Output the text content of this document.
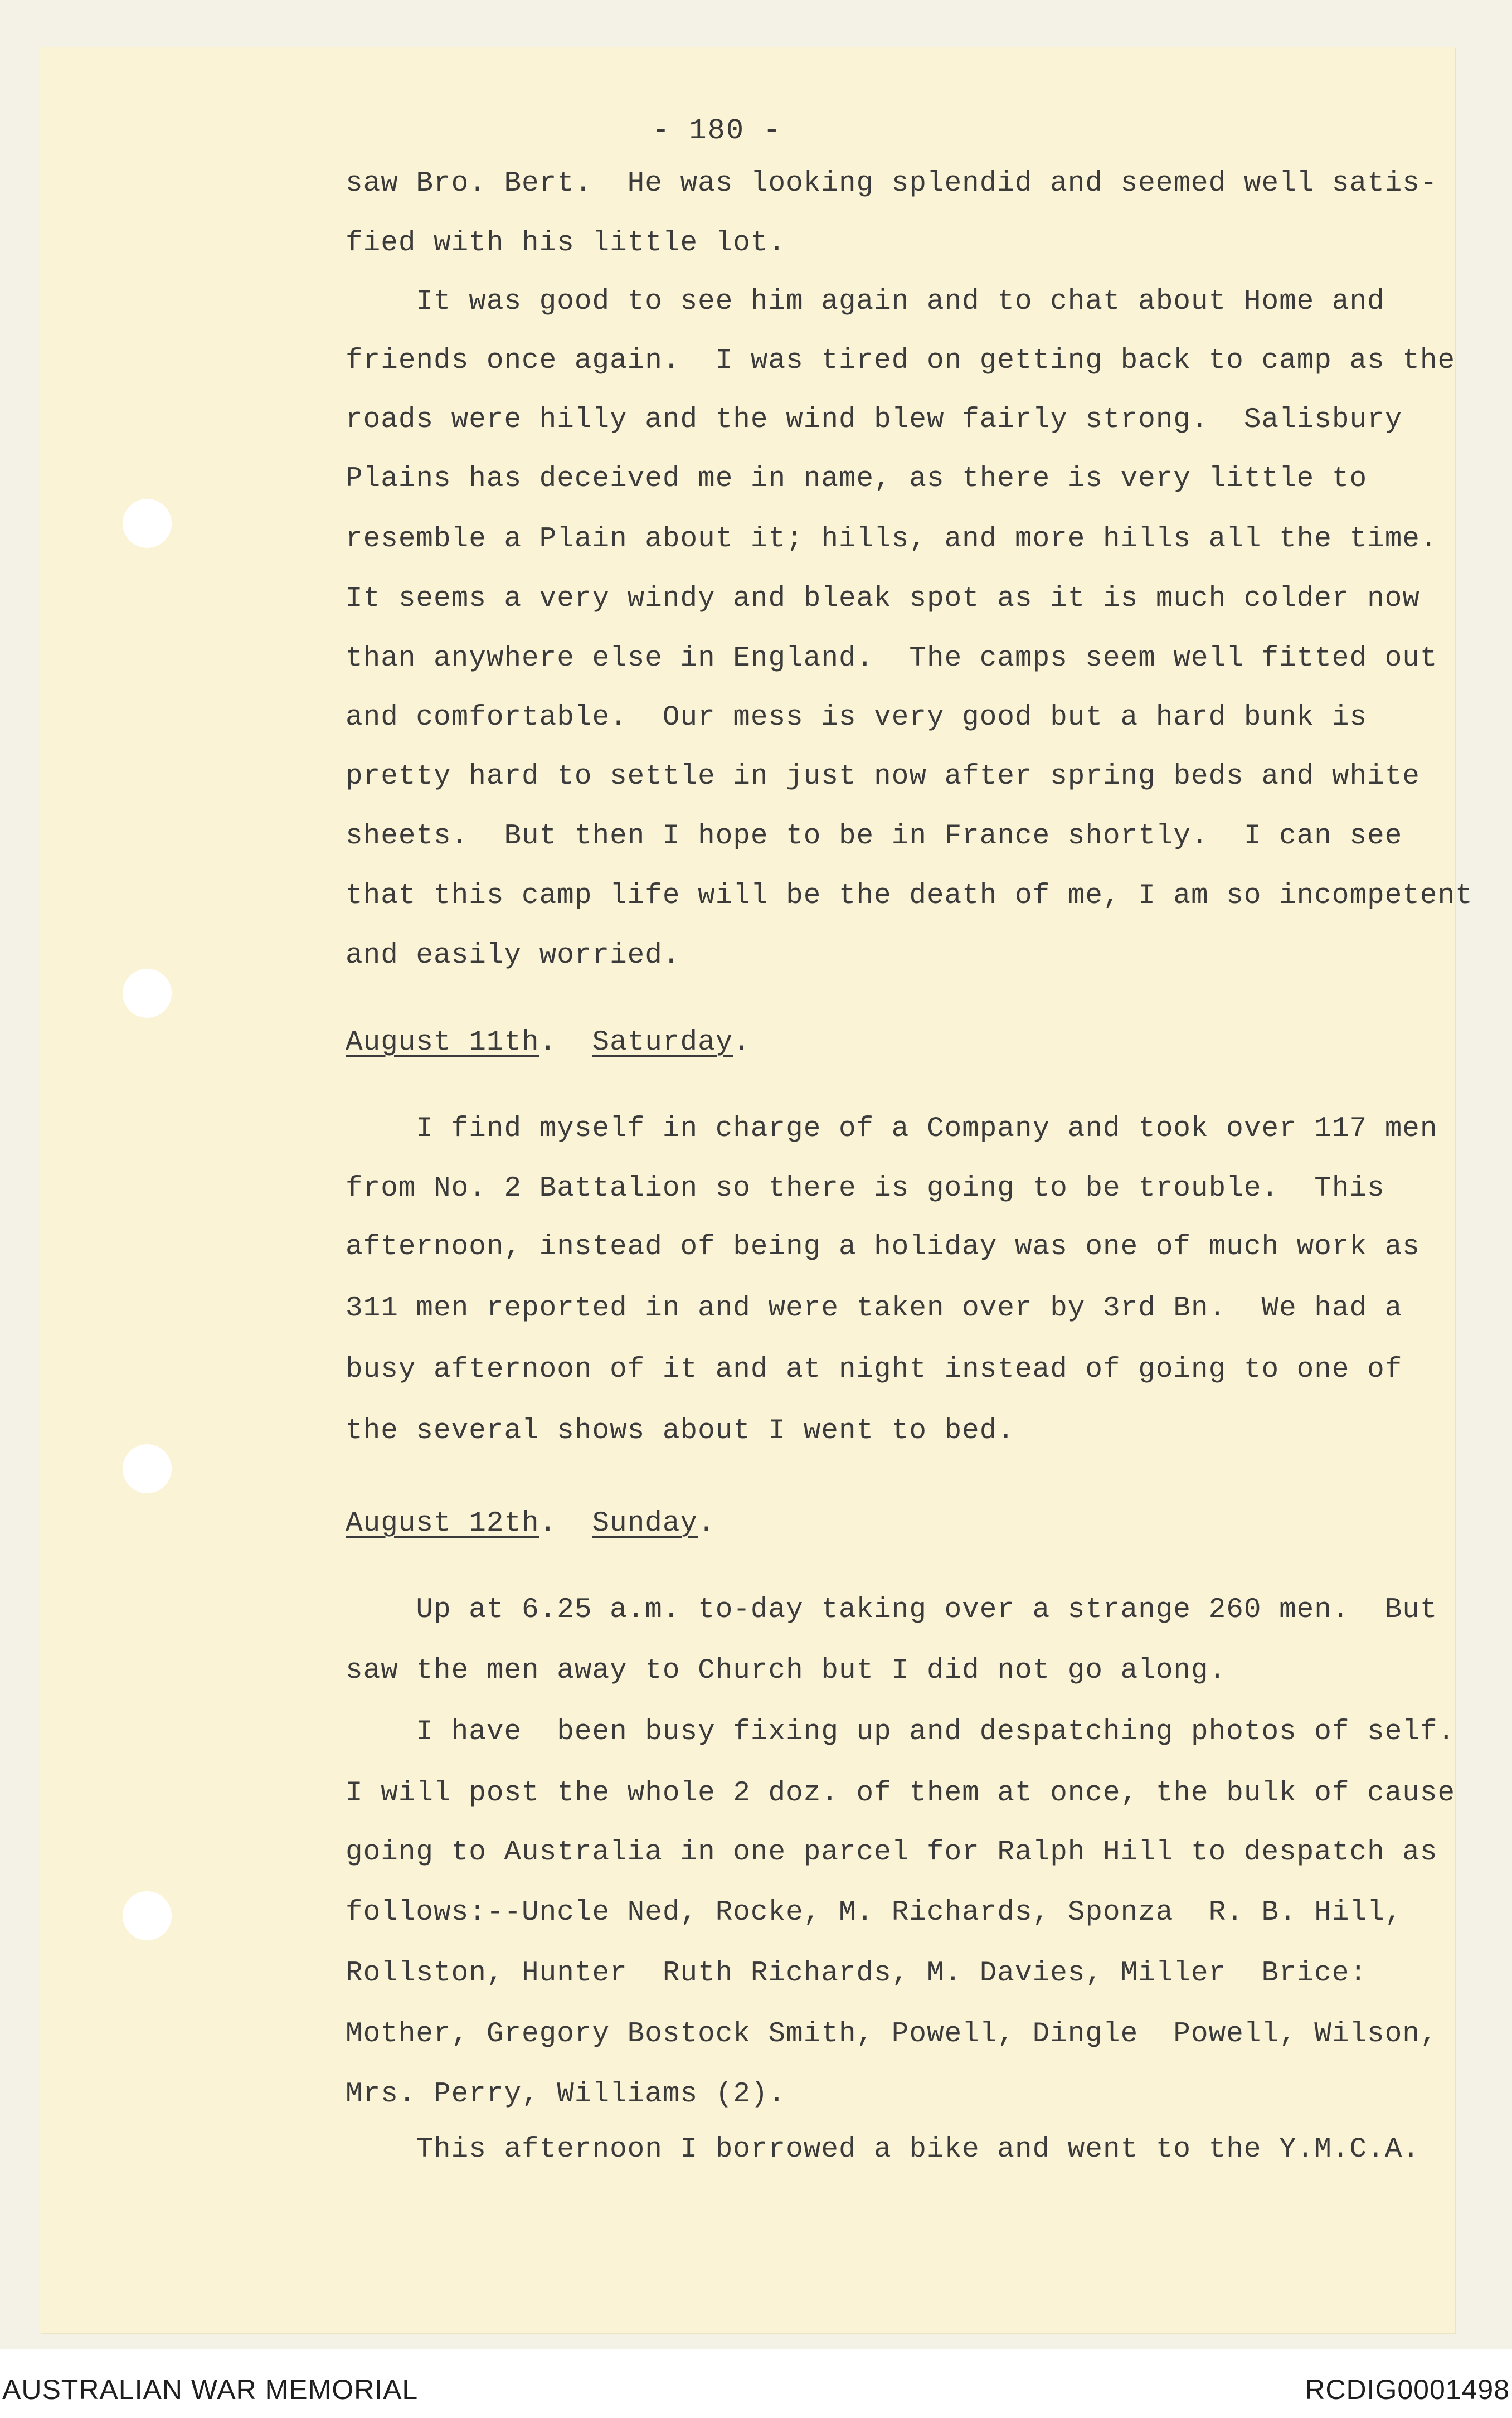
- 180 -
saw Bro. Bert.  He was looking splendid and seemed well satis-
fied with his little lot.
It was good to see him again and to chat about Home and
friends once again.  I was tired on getting back to camp as the
roads were hilly and the wind blew fairly strong.  Salisbury
Plains has deceived me in name, as there is very little to
resemble a Plain about it; hills, and more hills all the time.
It seems a very windy and bleak spot as it is much colder now
than anywhere else in England.  The camps seem well fitted out
and comfortable.  Our mess is very good but a hard bunk is
pretty hard to settle in just now after spring beds and white
sheets.  But then I hope to be in France shortly.  I can see
that this camp life will be the death of me, I am so incompetent
and easily worried.
August 11th.  Saturday.
I find myself in charge of a Company and took over 117 men
from No. 2 Battalion so there is going to be trouble.  This
afternoon, instead of being a holiday was one of much work as
311 men reported in and were taken over by 3rd Bn.  We had a
busy afternoon of it and at night instead of going to one of
the several shows about I went to bed.
August 12th.  Sunday.
Up at 6.25 a.m. to-day taking over a strange 260 men.  But
saw the men away to Church but I did not go along.
I have  been busy fixing up and despatching photos of self.
I will post the whole 2 doz. of them at once, the bulk of cause
going to Australia in one parcel for Ralph Hill to despatch as
follows:--Uncle Ned, Rocke, M. Richards, Sponza  R. B. Hill,
Rollston, Hunter  Ruth Richards, M. Davies, Miller  Brice:
Mother, Gregory Bostock Smith, Powell, Dingle  Powell, Wilson,
Mrs. Perry, Williams (2).
This afternoon I borrowed a bike and went to the Y.M.C.A.
AUSTRALIAN WAR MEMORIAL	RCDIG0001498
